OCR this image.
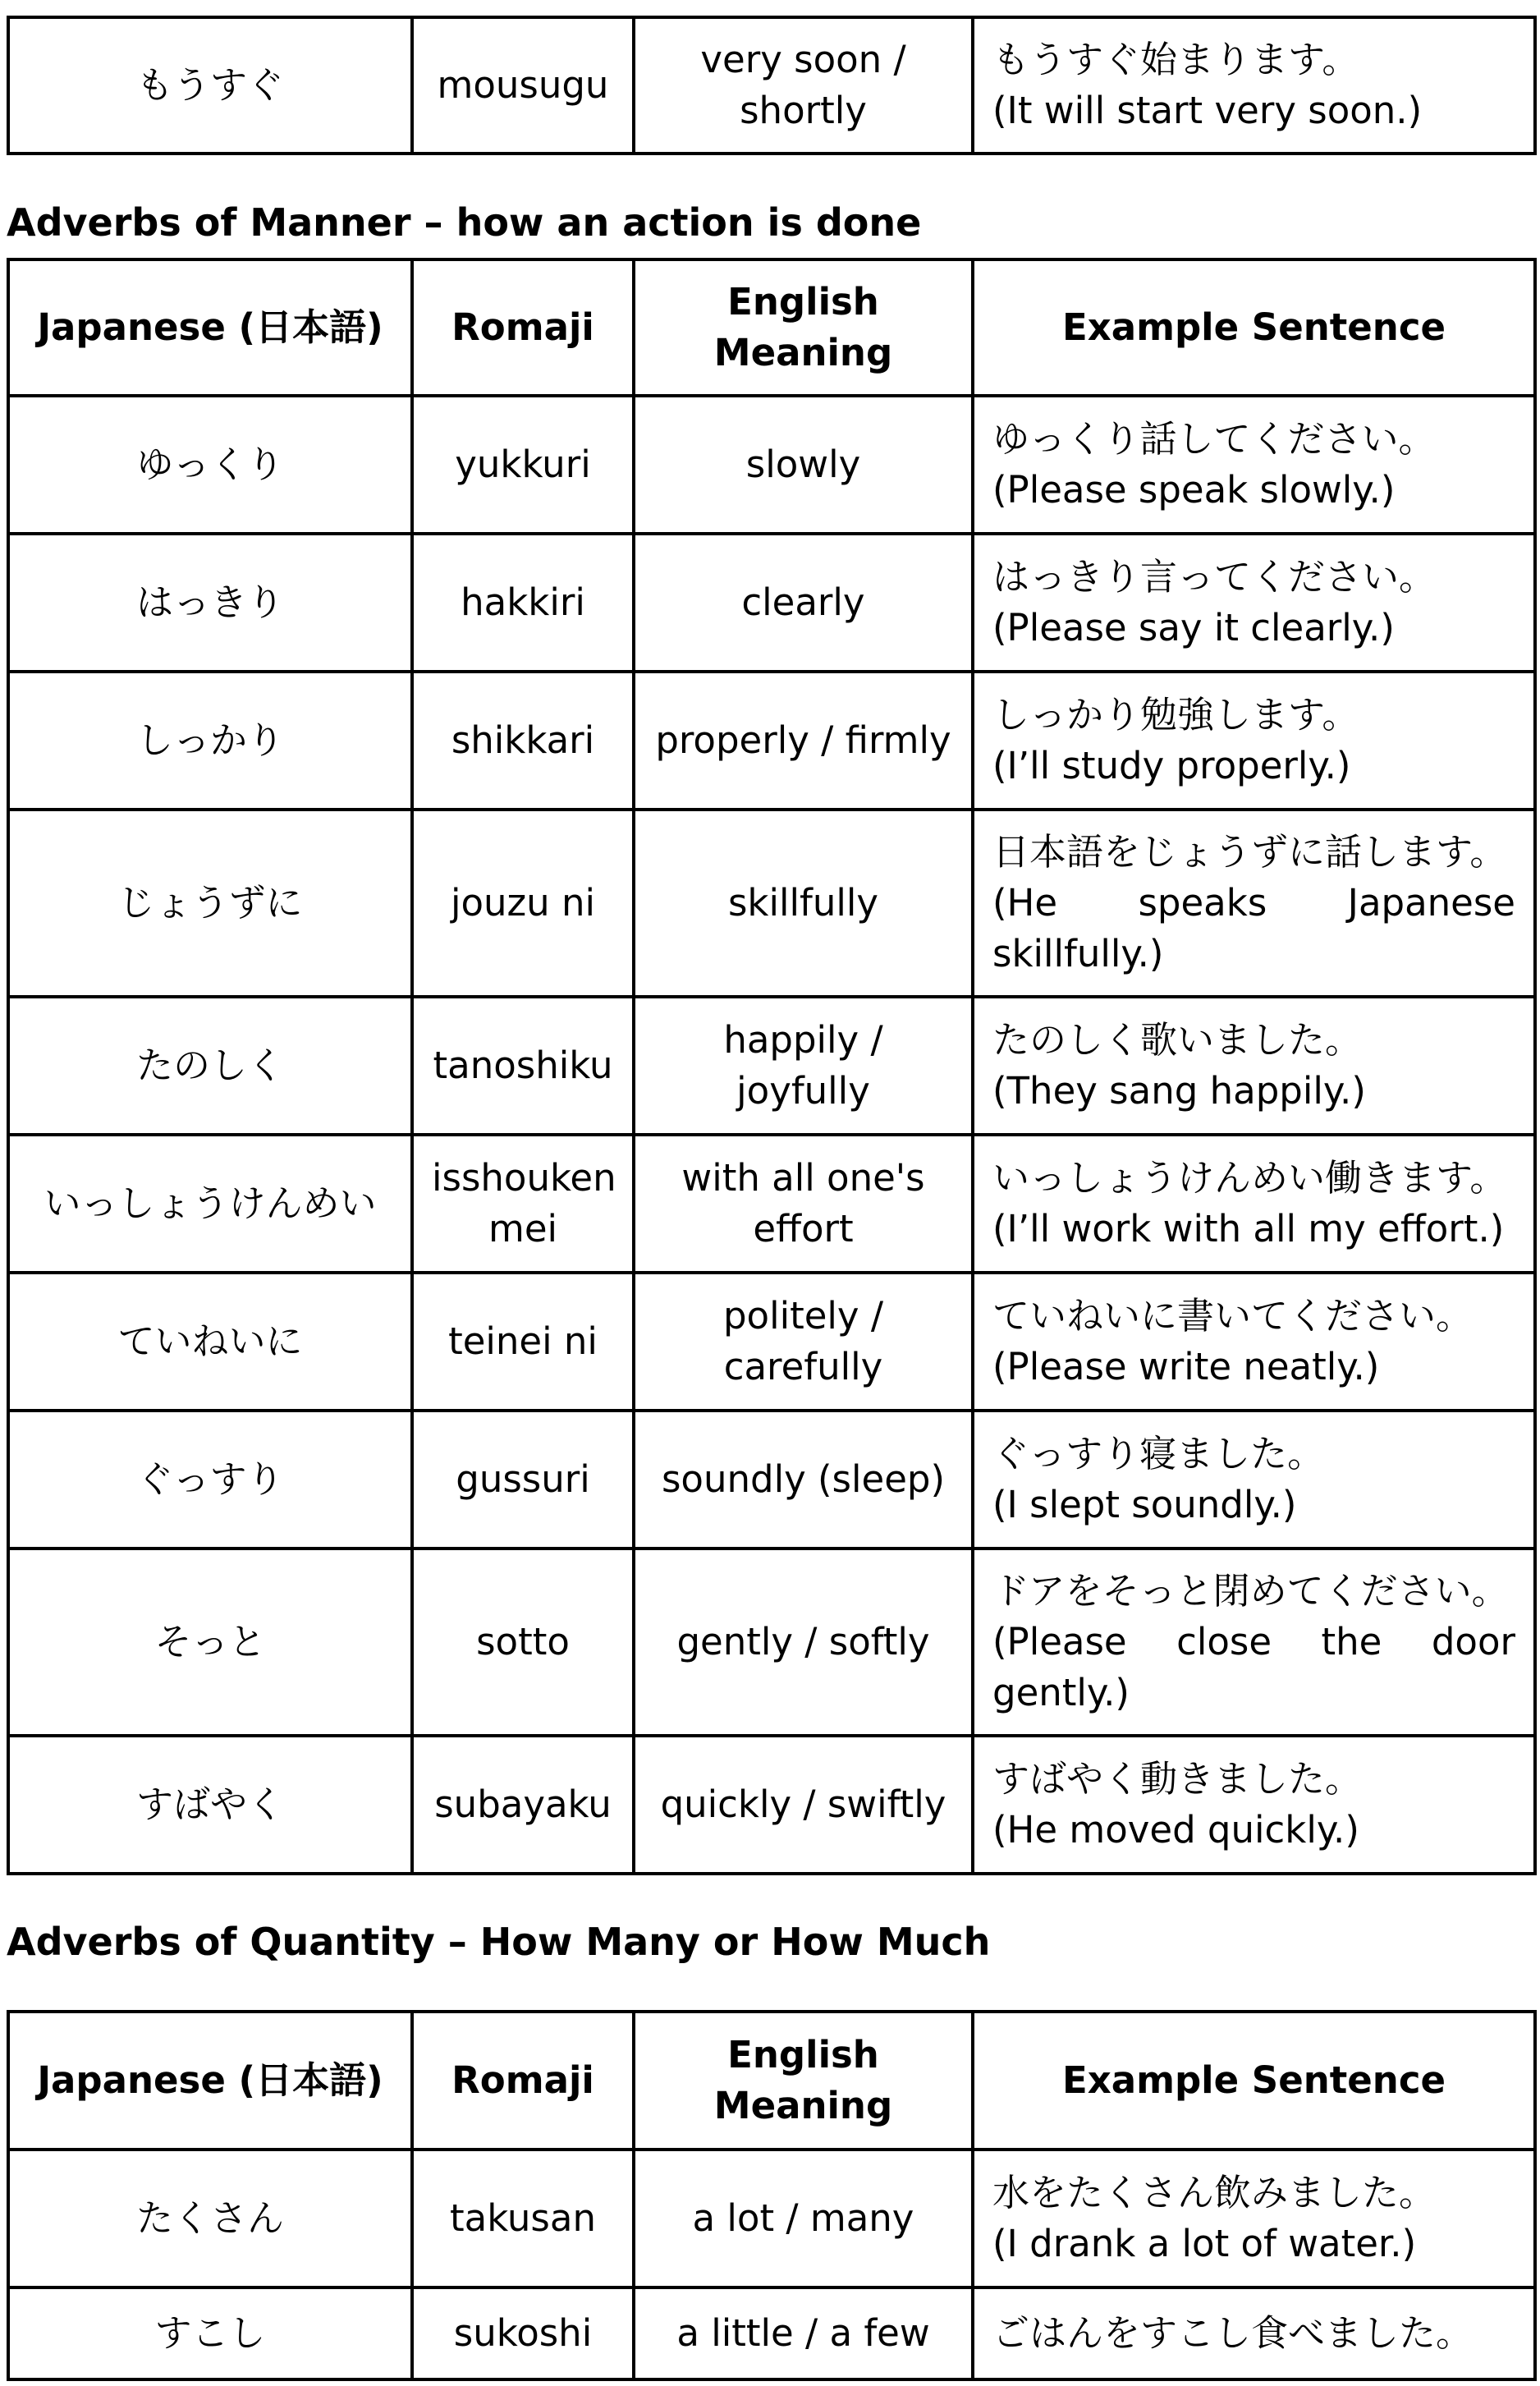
もうすぐ	mousugu	very soon / shortly	
もうすぐ始まります。
(It will start very soon.)
Adverbs of Manner – how an action is done
Japanese (日本語)	Romaji	English Meaning	Example Sentence
ゆっくり	yukkuri	slowly	ゆっくり話してください。
(Please speak slowly.)

はっきり	hakkiri	clearly	はっきり言ってください。
(Please say it clearly.)

しっかり	shikkari	properly / firmly	しっかり勉強します。
(I’ll study properly.)

じょうずに	jouzu ni	skillfully	日本語をじょうずに話します。
(He speaks Japanese skillfully.)

たのしく	tanoshiku	happily / joyfully	たのしく歌いました。
(They sang happily.)

いっしょうけんめい	isshouken mei	with all one's effort	いっしょうけんめい働きます。
(I’ll work with all my effort.)

ていねいに	teinei ni	politely / carefully	ていねいに書いてください。
(Please write neatly.)

ぐっすり	gussuri	soundly (sleep)	ぐっすり寝ました。
(I slept soundly.)

そっと	sotto	gently / softly	ドアをそっと閉めてください。
(Please close the door gently.)

すばやく	subayaku	quickly / swiftly	すばやく動きました。
(He moved quickly.)
Adverbs of Quantity – How Many or How Much
Japanese (日本語)	Romaji	English Meaning	Example Sentence
たくさん	takusan	a lot / many	水をたくさん飲みました。
(I drank a lot of water.)

すこし	sukoshi	a little / a few	ごはんをすこし食べました。
